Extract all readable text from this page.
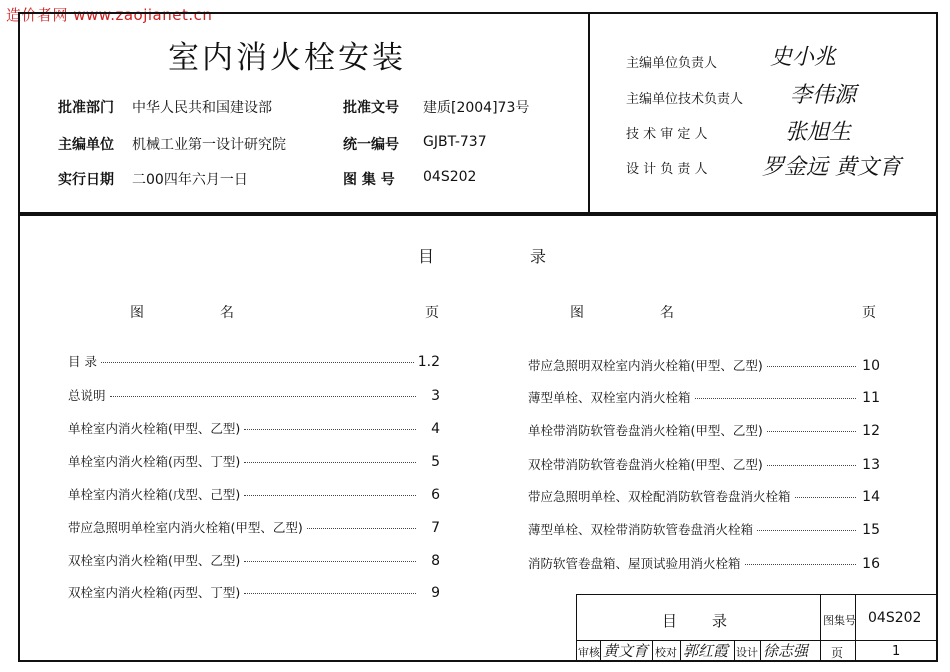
造价者网 www.zaojianet.cn
室内消火栓安装
批准部门 中华人民共和国建设部
主编单位 机械工业第一设计研究院
实行日期 二00四年六月一日
批准文号 建质[2004]73号
统一编号 GJBT-737
图 集 号 04S202
主编单位负责人 史小兆
主编单位技术负责人 李伟源
技 术 审 定 人	张旭生
设 计 负 责 人 罗金远 黄文育
目	录
图	名	页	图	名	页
目 录	1.2
总说明	3
单栓室内消火栓箱(甲型、乙型)	4
单栓室内消火栓箱(丙型、丁型)	5
单栓室内消火栓箱(戊型、己型)	6
带应急照明单栓室内消火栓箱(甲型、乙型)	7
双栓室内消火栓箱(甲型、乙型)	8
双栓室内消火栓箱(丙型、丁型)	9
带应急照明双栓室内消火栓箱(甲型、乙型)	10
薄型单栓、双栓室内消火栓箱	11
单栓带消防软管卷盘消火栓箱(甲型、乙型)	12
双栓带消防软管卷盘消火栓箱(甲型、乙型)	13
带应急照明单栓、双栓配消防软管卷盘消火栓箱	14
薄型单栓、双栓带消防软管卷盘消火栓箱	15
消防软管卷盘箱、屋顶试验用消火栓箱	16
目 录	图集号 04S202
审核 黄文育 校对 郭红霞 设计 徐志强 页	1
